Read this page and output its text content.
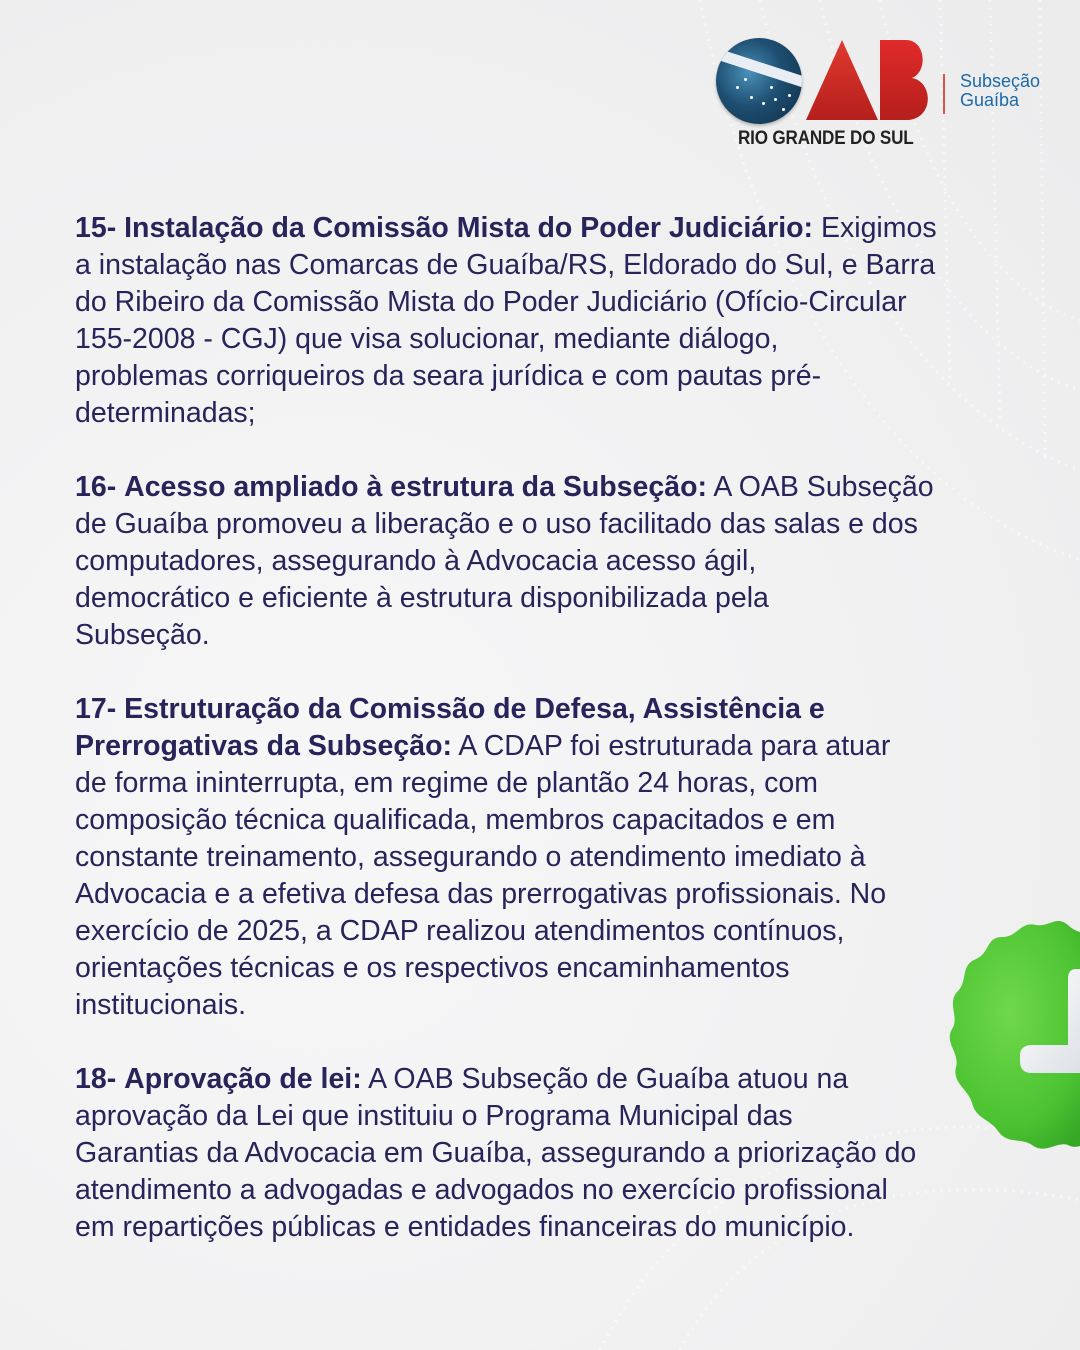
RIO GRANDE DO SUL
Subseção
Guaíba
15- Instalação da Comissão Mista do Poder Judiciário: Exigimos
a instalação nas Comarcas de Guaíba/RS, Eldorado do Sul, e Barra
do Ribeiro da Comissão Mista do Poder Judiciário (Ofício-Circular
155-2008 - CGJ) que visa solucionar, mediante diálogo,
problemas corriqueiros da seara jurídica e com pautas pré-
determinadas;
16- Acesso ampliado à estrutura da Subseção: A OAB Subseção
de Guaíba promoveu a liberação e o uso facilitado das salas e dos
computadores, assegurando à Advocacia acesso ágil,
democrático e eficiente à estrutura disponibilizada pela
Subseção.
17- Estruturação da Comissão de Defesa, Assistência e
Prerrogativas da Subseção: A CDAP foi estruturada para atuar
de forma ininterrupta, em regime de plantão 24 horas, com
composição técnica qualificada, membros capacitados e em
constante treinamento, assegurando o atendimento imediato à
Advocacia e a efetiva defesa das prerrogativas profissionais. No
exercício de 2025, a CDAP realizou atendimentos contínuos,
orientações técnicas e os respectivos encaminhamentos
institucionais.
18- Aprovação de lei: A OAB Subseção de Guaíba atuou na
aprovação da Lei que instituiu o Programa Municipal das
Garantias da Advocacia em Guaíba, assegurando a priorização do
atendimento a advogadas e advogados no exercício profissional
em repartições públicas e entidades financeiras do município.
